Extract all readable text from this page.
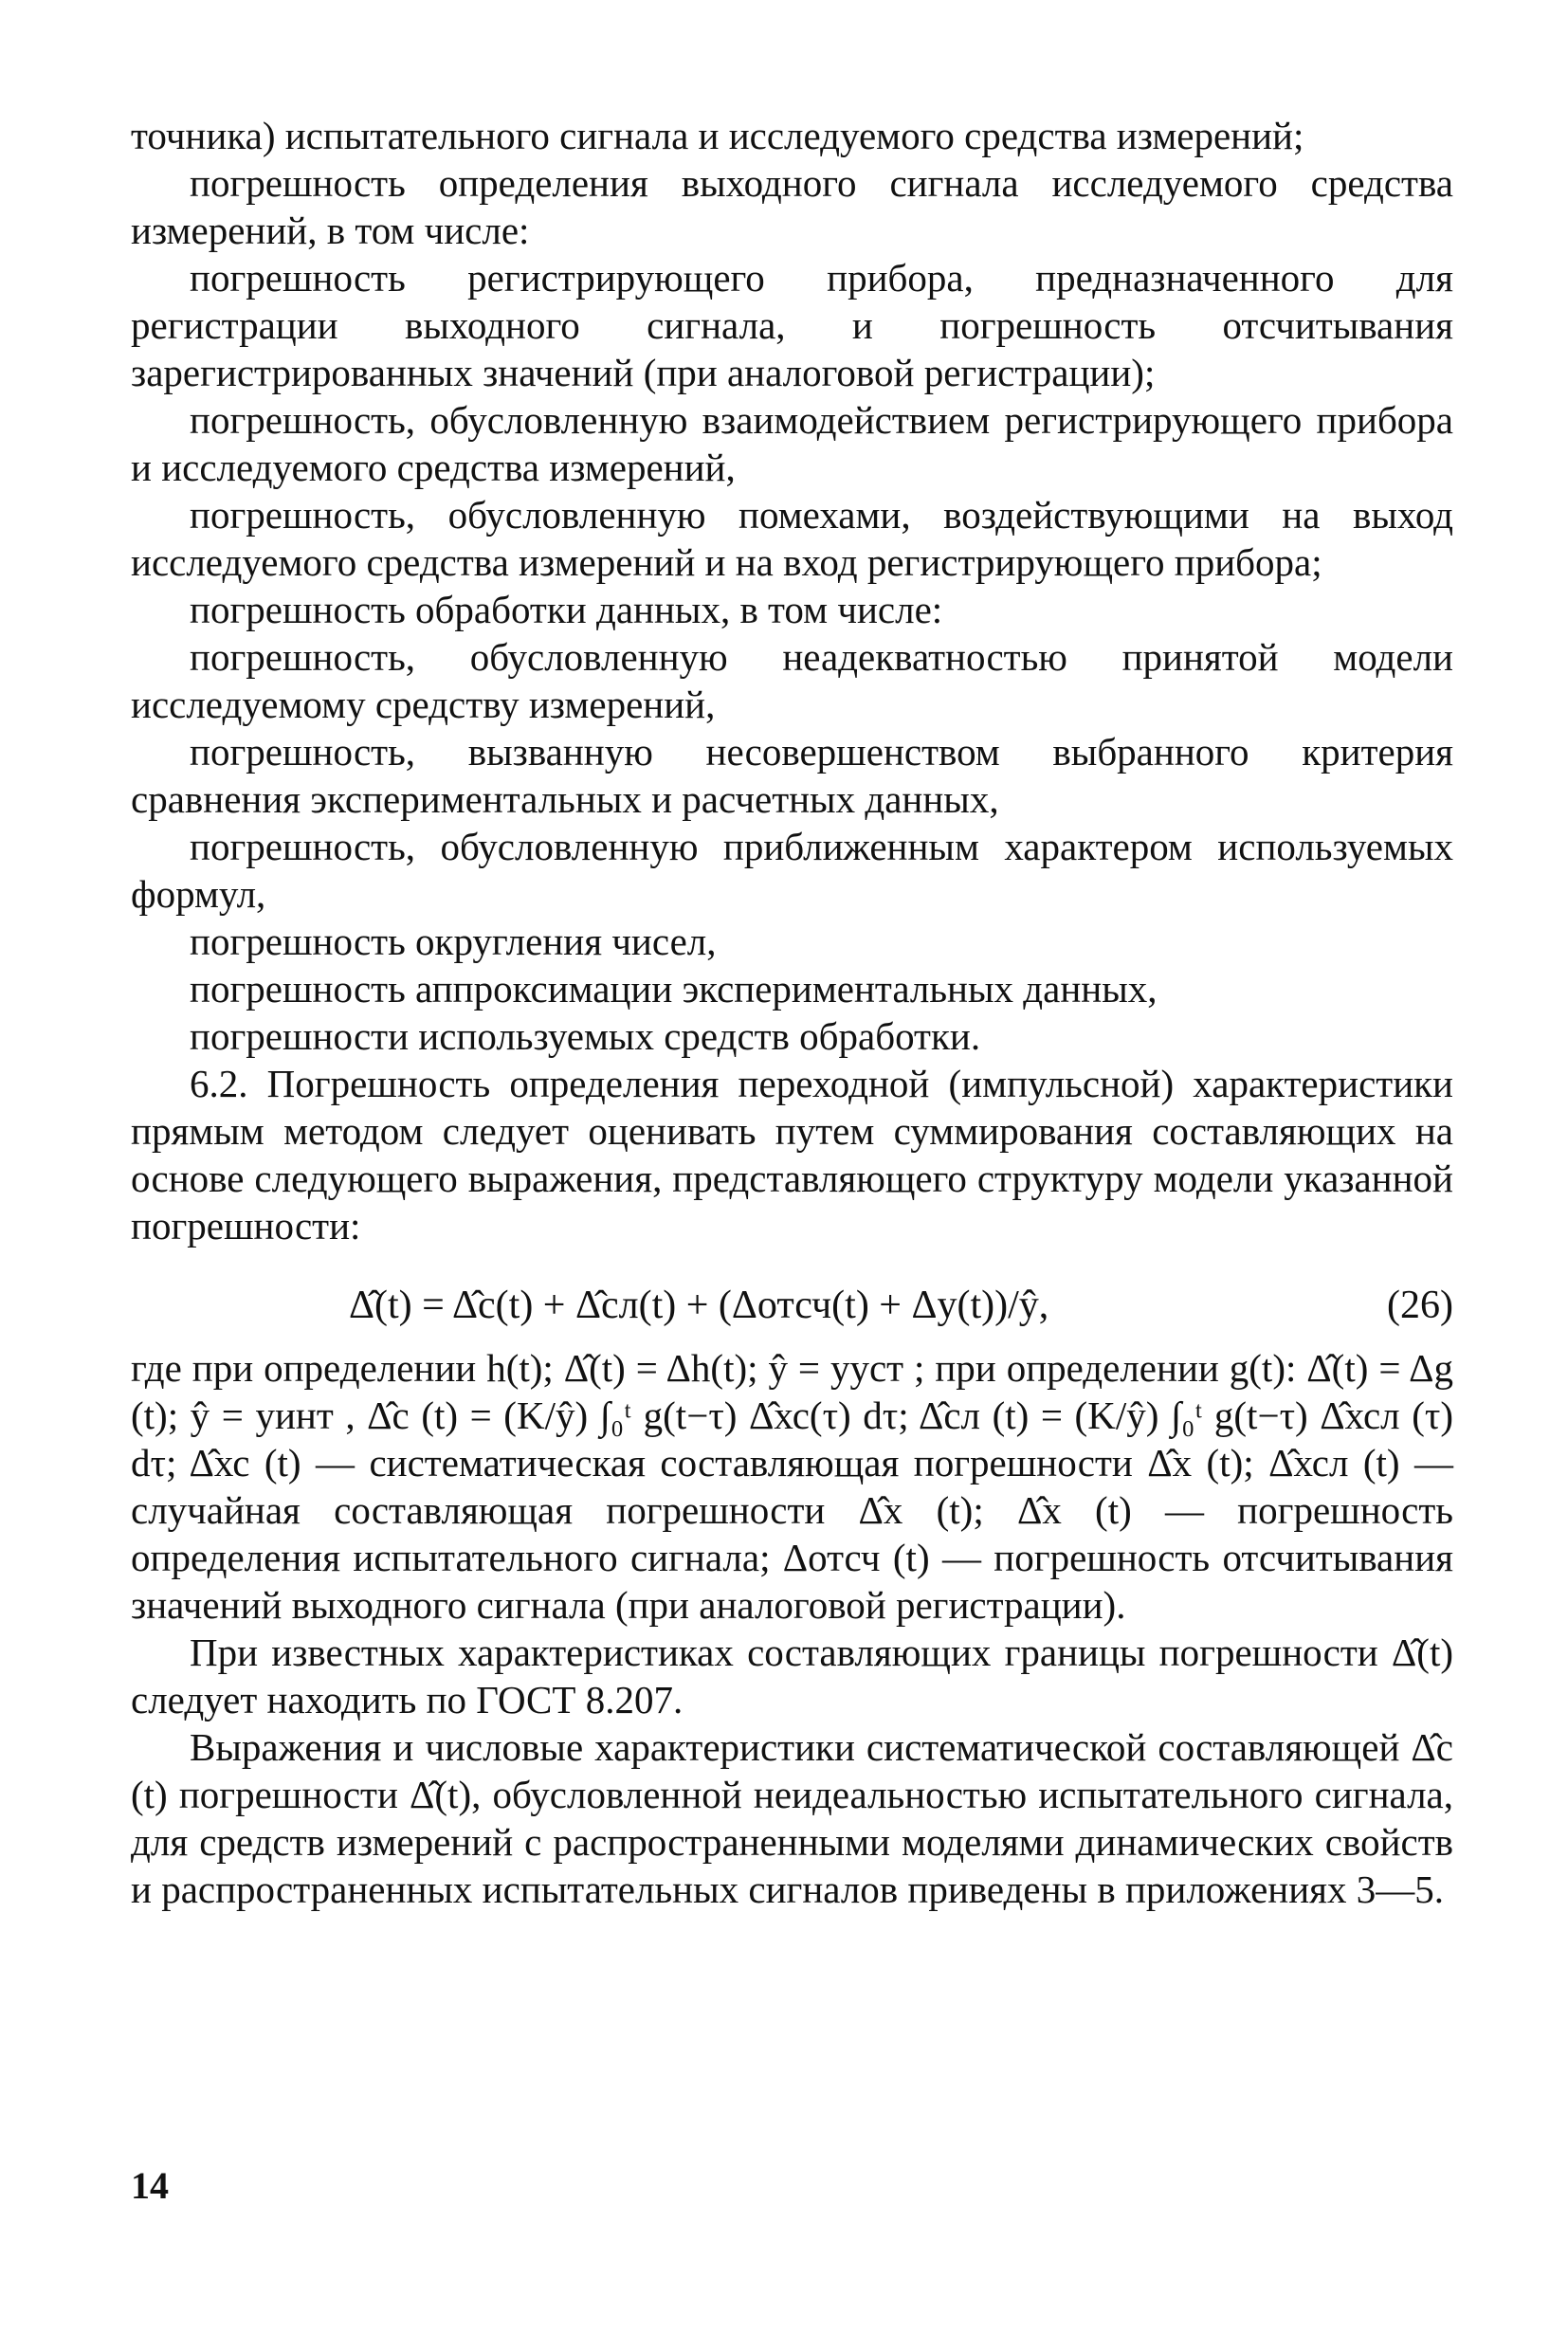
точника) испытательного сигнала и исследуемого средства измерений;

погрешность определения выходного сигнала исследуемого средства измерений, в том числе:

погрешность регистрирующего прибора, предназначенного для регистрации выходного сигнала, и погрешность отсчитывания зарегистрированных значений (при аналоговой регистрации);

погрешность, обусловленную взаимодействием регистрирующего прибора и исследуемого средства измерений,

погрешность, обусловленную помехами, воздействующими на выход исследуемого средства измерений и на вход регистрирующего прибора;

погрешность обработки данных, в том числе:

погрешность, обусловленную неадекватностью принятой модели исследуемому средству измерений,

погрешность, вызванную несовершенством выбранного критерия сравнения экспериментальных и расчетных данных,

погрешность, обусловленную приближенным характером используемых формул,

погрешность округления чисел,

погрешность аппроксимации экспериментальных данных,

погрешности используемых средств обработки.

6.2. Погрешность определения переходной (импульсной) характеристики прямым методом следует оценивать путем суммирования составляющих на основе следующего выражения, представляющего структуру модели указанной погрешности:

Δ̂(t) = Δ̂с(t) + Δ̂сл(t) + (Δотсч(t) + Δу(t))/ŷ,	(26)

где при определении h(t); Δ̂(t) = Δh(t); ŷ = yуст ; при определении g(t): Δ̂(t) = Δg (t); ŷ = yинт , Δ̂с (t) = (K/ŷ) ∫₀ᵗ g(t−τ) Δ̂хс(τ) dτ; Δ̂сл (t) = (K/ŷ) ∫₀ᵗ g(t−τ) Δ̂хсл (τ) dτ; Δ̂хс (t) — систематическая составляющая погрешности Δ̂х (t); Δ̂хсл (t) — случайная составляющая погрешности Δ̂х (t); Δ̂х (t) — погрешность определения испытательного сигнала; Δотсч (t) — погрешность отсчитывания значений выходного сигнала (при аналоговой регистрации).

При известных характеристиках составляющих границы погрешности Δ̂(t) следует находить по ГОСТ 8.207.

Выражения и числовые характеристики систематической составляющей Δ̂с (t) погрешности Δ̂(t), обусловленной неидеальностью испытательного сигнала, для средств измерений с распространенными моделями динамических свойств и распространенных испытательных сигналов приведены в приложениях 3—5.

14
